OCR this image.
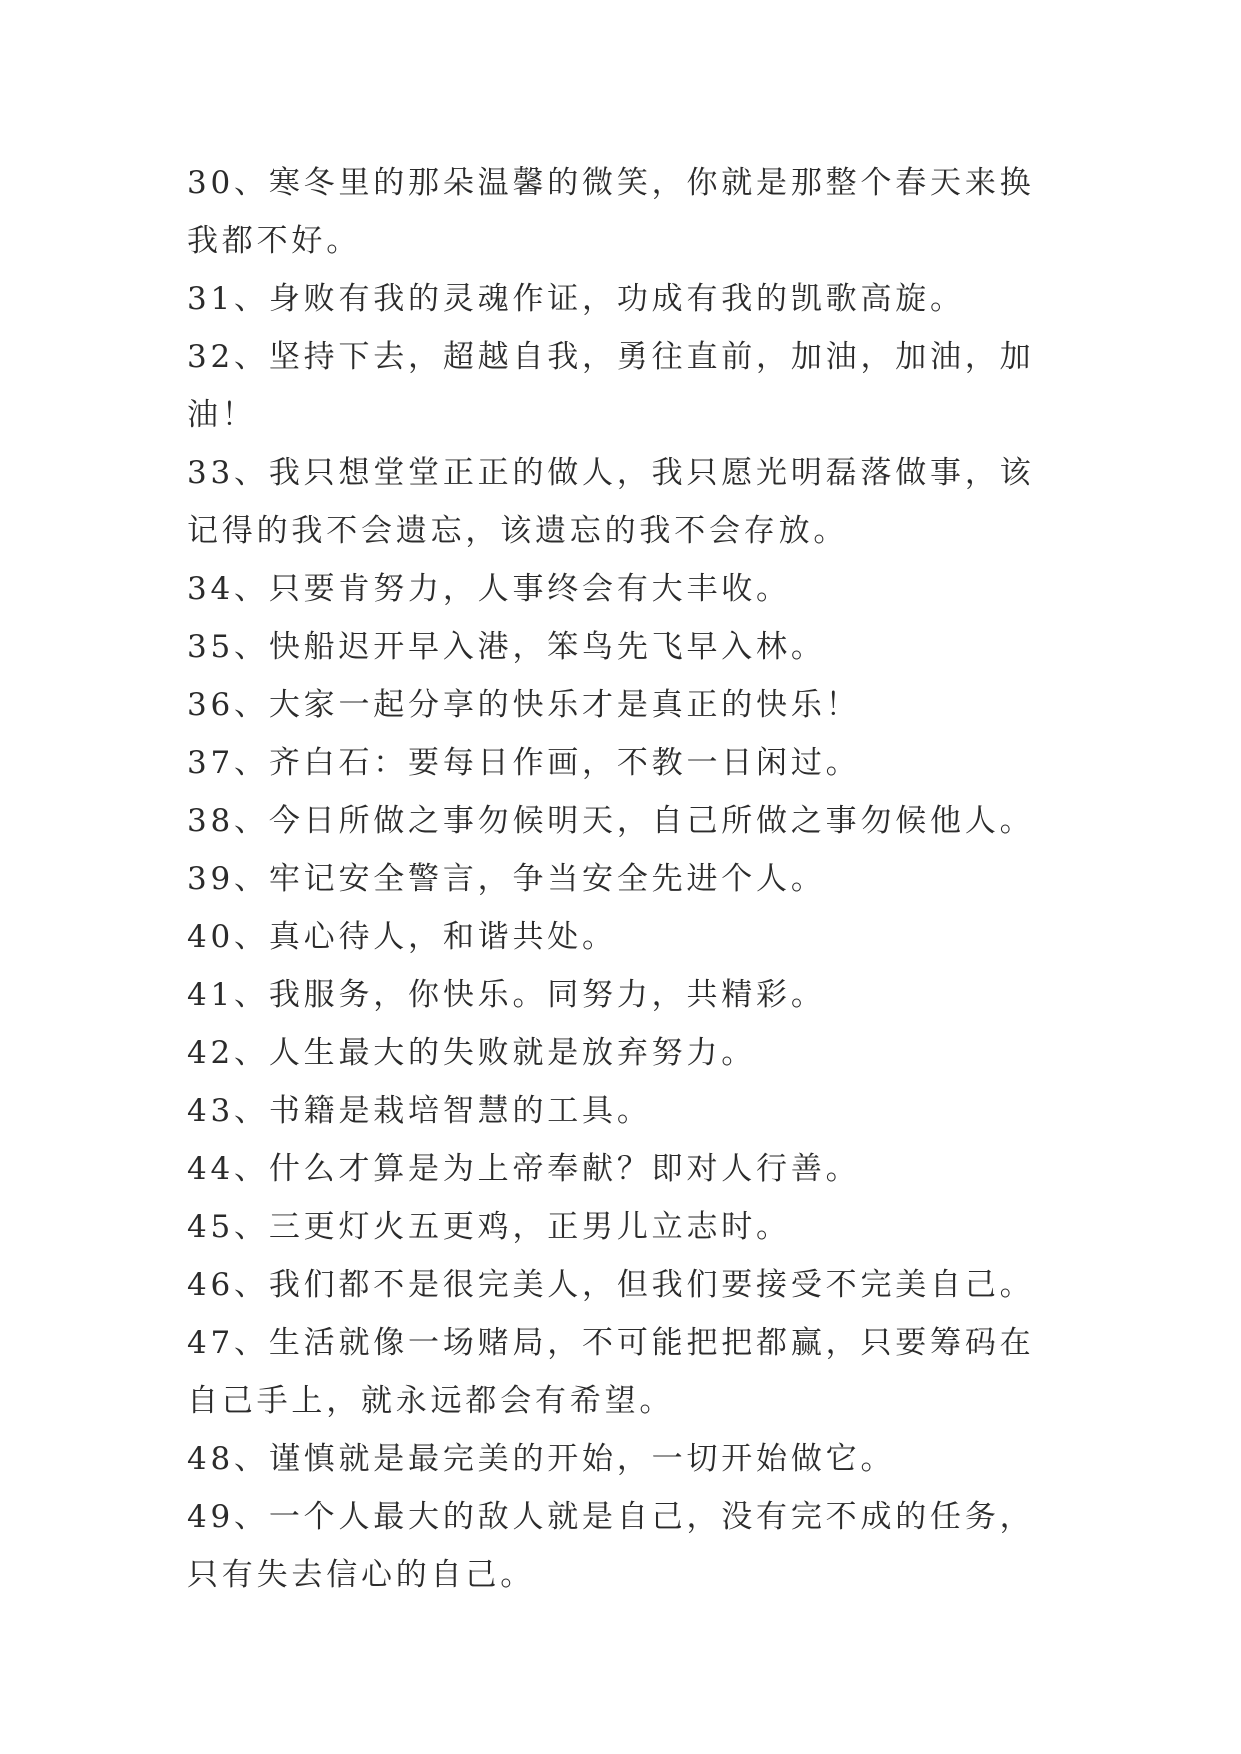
30、寒冬里的那朵温馨的微笑，你就是那整个春天来换我都不好。

31、身败有我的灵魂作证，功成有我的凯歌高旋。

32、坚持下去，超越自我，勇往直前，加油，加油，加油！

33、我只想堂堂正正的做人，我只愿光明磊落做事，该记得的我不会遗忘，该遗忘的我不会存放。

34、只要肯努力，人事终会有大丰收。

35、快船迟开早入港，笨鸟先飞早入林。

36、大家一起分享的快乐才是真正的快乐！

37、齐白石：要每日作画，不教一日闲过。

38、今日所做之事勿候明天，自己所做之事勿候他人。

39、牢记安全警言，争当安全先进个人。

40、真心待人，和谐共处。

41、我服务，你快乐。同努力，共精彩。

42、人生最大的失败就是放弃努力。

43、书籍是栽培智慧的工具。

44、什么才算是为上帝奉献？即对人行善。

45、三更灯火五更鸡，正男儿立志时。

46、我们都不是很完美人，但我们要接受不完美自己。

47、生活就像一场赌局，不可能把把都赢，只要筹码在自己手上，就永远都会有希望。

48、谨慎就是最完美的开始，一切开始做它。

49、一个人最大的敌人就是自己，没有完不成的任务，只有失去信心的自己。
